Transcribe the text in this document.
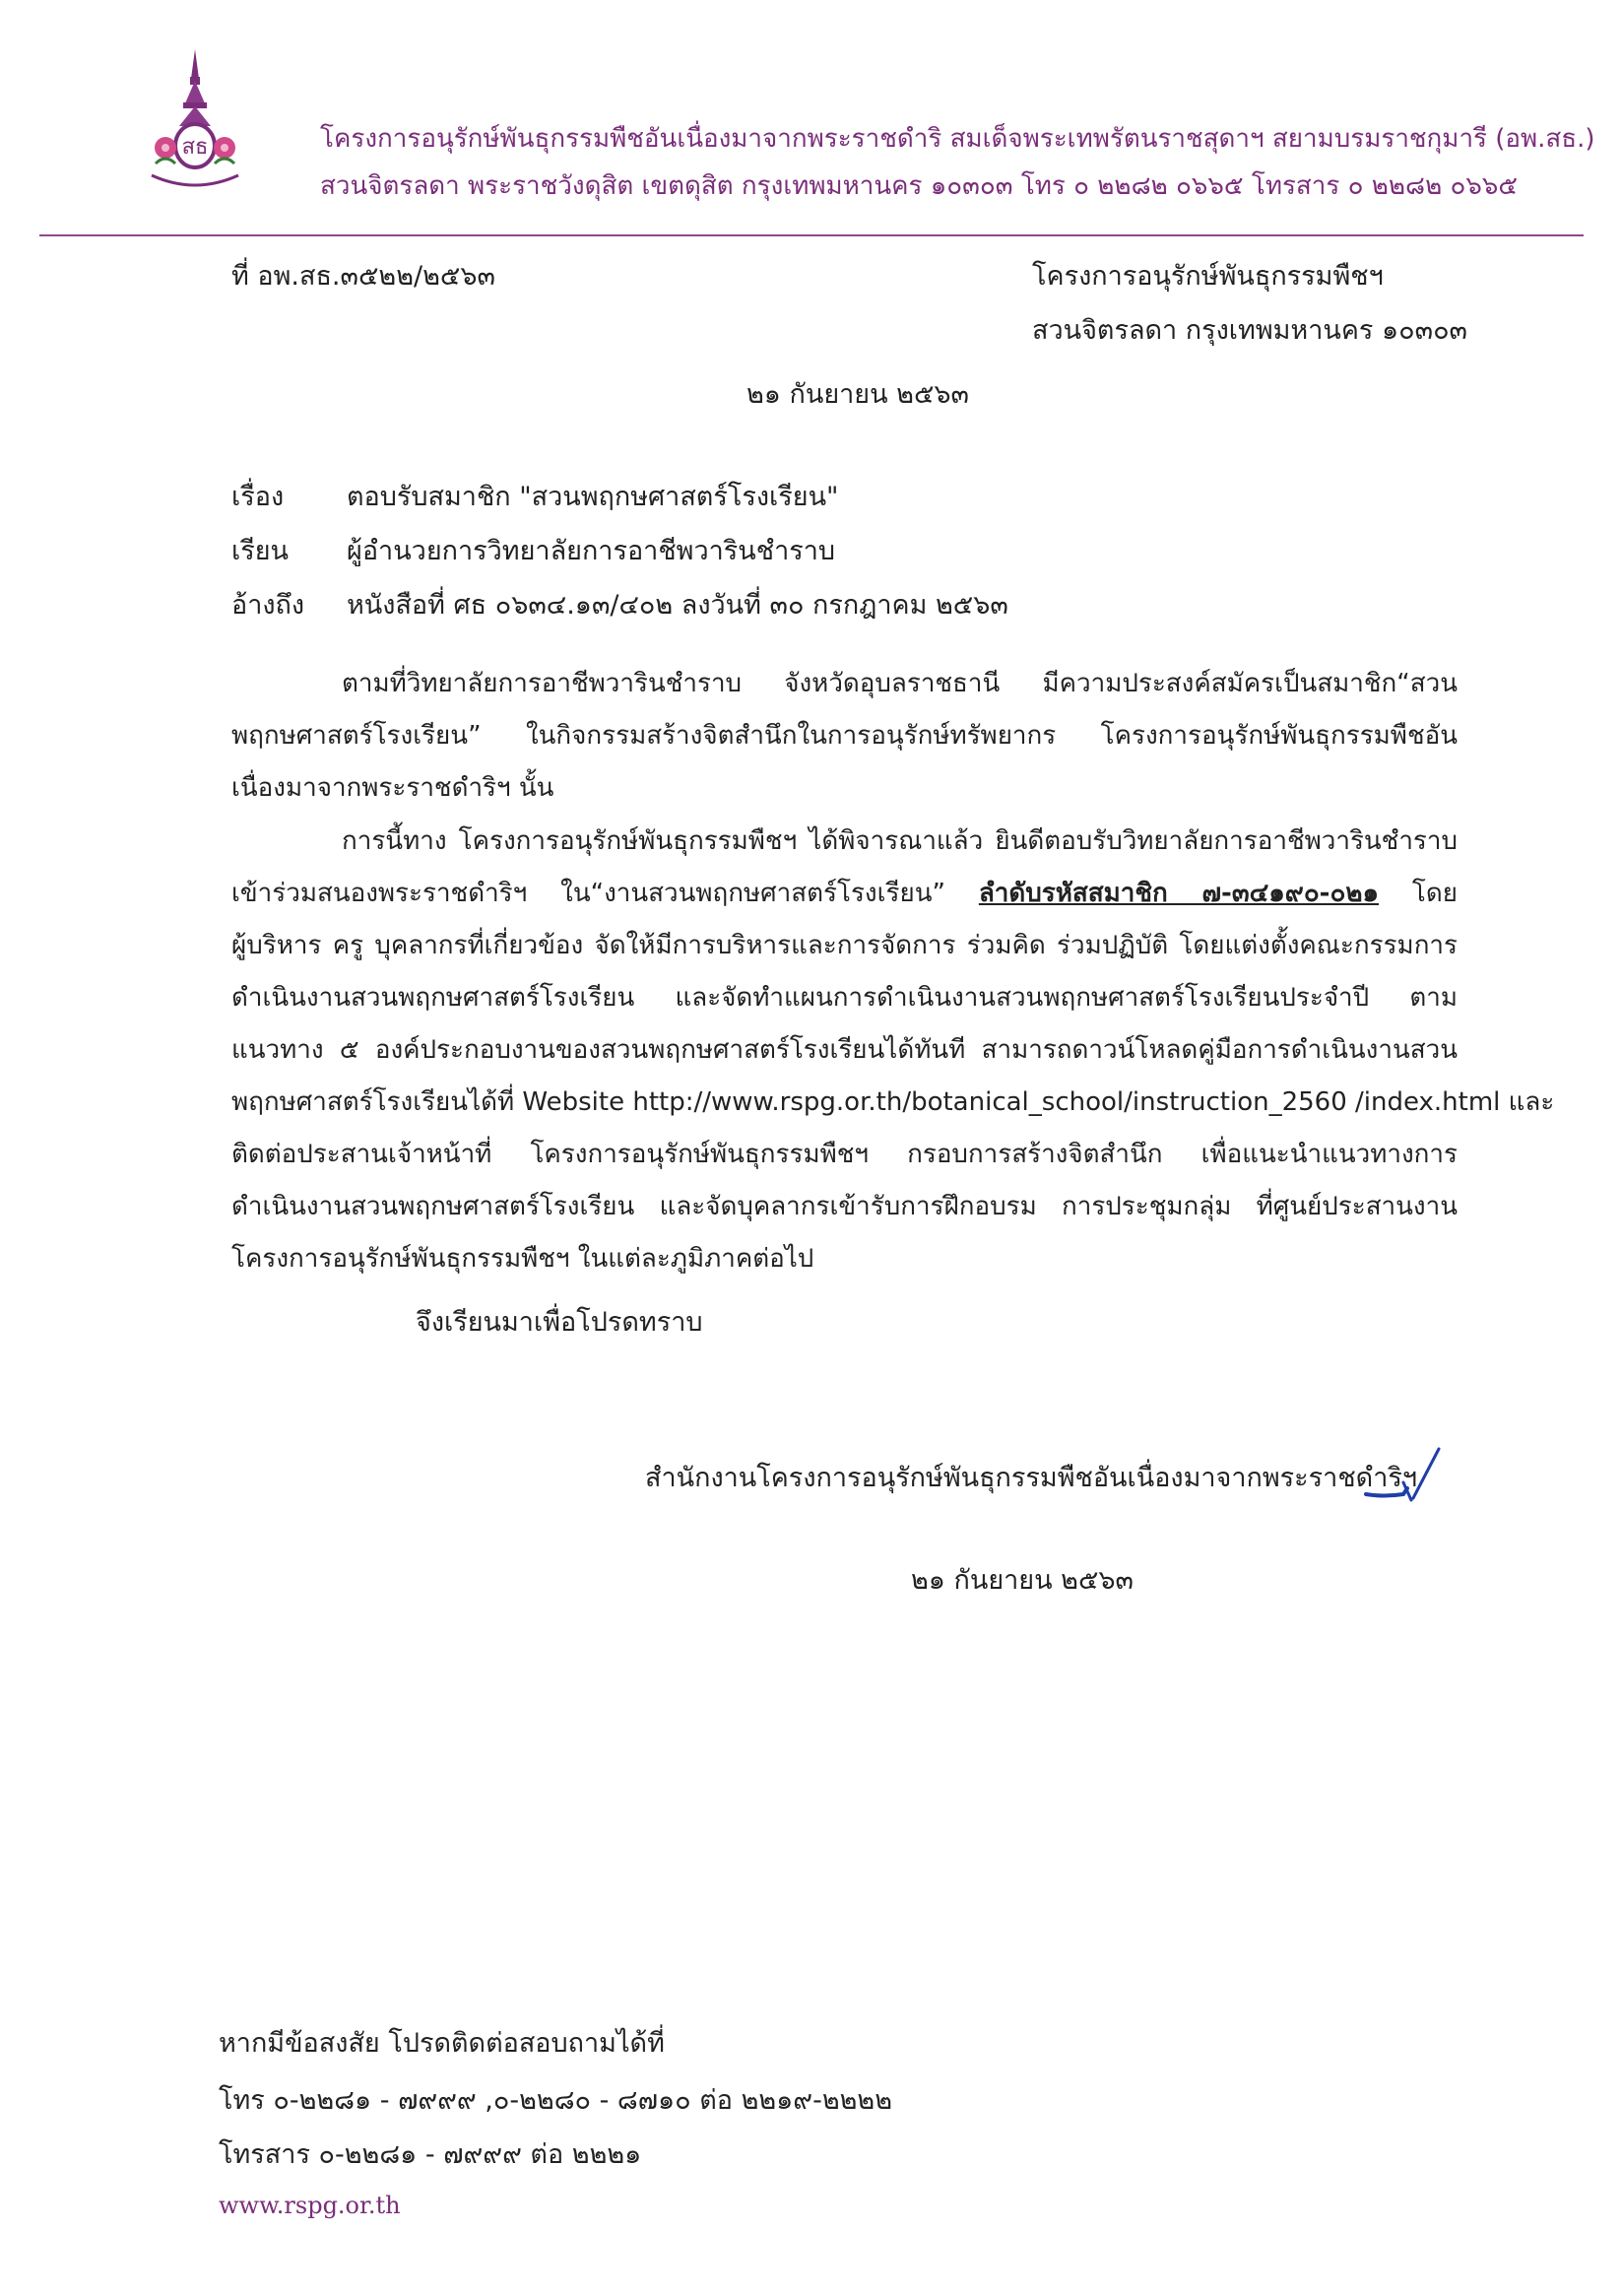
สธ	โครงการอนุรักษ์พันธุกรรมพืชอันเนื่องมาจากพระราชดำริ สมเด็จพระเทพรัตนราชสุดาฯ สยามบรมราชกุมารี (อพ.สธ.)
สวนจิตรลดา พระราชวังดุสิต เขตดุสิต กรุงเทพมหานคร ๑๐๓๐๓ โทร ๐ ๒๒๘๒ ๐๖๖๕ โทรสาร ๐ ๒๒๘๒ ๐๖๖๕
ที่ อพ.สธ.๓๕๒๒/๒๕๖๓	โครงการอนุรักษ์พันธุกรรมพืชฯ
สวนจิตรลดา กรุงเทพมหานคร ๑๐๓๐๓
๒๑ กันยายน ๒๕๖๓
เรื่อง ตอบรับสมาชิก "สวนพฤกษศาสตร์โรงเรียน"
เรียน ผู้อำนวยการวิทยาลัยการอาชีพวารินชำราบ
อ้างถึง หนังสือที่ ศธ ๐๖๓๔.๑๓/๔๐๒ ลงวันที่ ๓๐ กรกฎาคม ๒๕๖๓
ตามที่วิทยาลัยการอาชีพวารินชำราบ จังหวัดอุบลราชธานี มีความประสงค์สมัครเป็นสมาชิก“สวน
พฤกษศาสตร์โรงเรียน” ในกิจกรรมสร้างจิตสำนึกในการอนุรักษ์ทรัพยากร โครงการอนุรักษ์พันธุกรรมพืชอัน
เนื่องมาจากพระราชดำริฯ นั้น
การนี้ทาง โครงการอนุรักษ์พันธุกรรมพืชฯ ได้พิจารณาแล้ว ยินดีตอบรับวิทยาลัยการอาชีพวารินชำราบ
เข้าร่วมสนองพระราชดำริฯ ใน“งานสวนพฤกษศาสตร์โรงเรียน” ลำดับรหัสสมาชิก ๗-๓๔๑๙๐-๐๒๑ โดย
ผู้บริหาร ครู บุคลากรที่เกี่ยวข้อง จัดให้มีการบริหารและการจัดการ ร่วมคิด ร่วมปฏิบัติ โดยแต่งตั้งคณะกรรมการ
ดำเนินงานสวนพฤกษศาสตร์โรงเรียน และจัดทำแผนการดำเนินงานสวนพฤกษศาสตร์โรงเรียนประจำปี ตาม
แนวทาง ๕ องค์ประกอบงานของสวนพฤกษศาสตร์โรงเรียนได้ทันที สามารถดาวน์โหลดคู่มือการดำเนินงานสวน
พฤกษศาสตร์โรงเรียนได้ที่ Website http://www.rspg.or.th/botanical_school/instruction_2560 /index.html และ
ติดต่อประสานเจ้าหน้าที่ โครงการอนุรักษ์พันธุกรรมพืชฯ กรอบการสร้างจิตสำนึก เพื่อแนะนำแนวทางการ
ดำเนินงานสวนพฤกษศาสตร์โรงเรียน และจัดบุคลากรเข้ารับการฝึกอบรม การประชุมกลุ่ม ที่ศูนย์ประสานงาน
โครงการอนุรักษ์พันธุกรรมพืชฯ ในแต่ละภูมิภาคต่อไป
จึงเรียนมาเพื่อโปรดทราบ
สำนักงานโครงการอนุรักษ์พันธุกรรมพืชอันเนื่องมาจากพระราชดำริฯ
๒๑ กันยายน ๒๕๖๓
หากมีข้อสงสัย โปรดติดต่อสอบถามได้ที่
โทร ๐-๒๒๘๑ - ๗๙๙๙ ,๐-๒๒๘๐ - ๘๗๑๐ ต่อ ๒๒๑๙-๒๒๒๒
โทรสาร ๐-๒๒๘๑ - ๗๙๙๙ ต่อ ๒๒๒๑
www.rspg.or.th
